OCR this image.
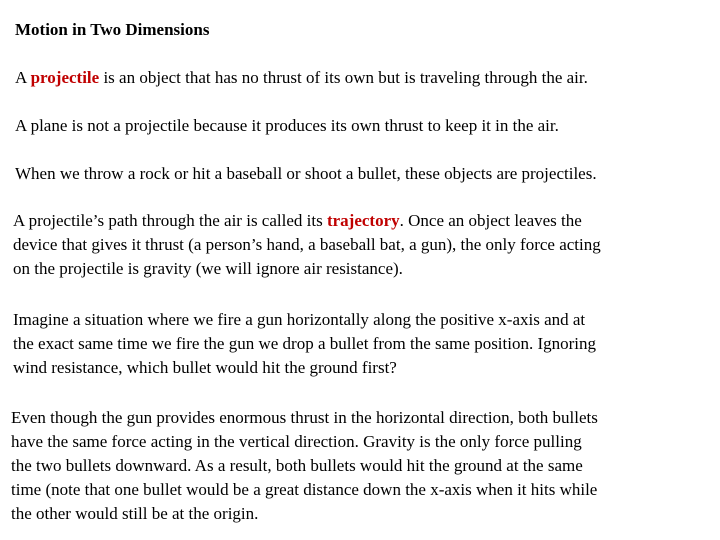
Motion in Two Dimensions
A projectile is an object that has no thrust of its own but is traveling through the air.
A plane is not a projectile because it produces its own thrust to keep it in the air.
When we throw a rock or hit a baseball or shoot a bullet, these objects are projectiles.
A projectile’s path through the air is called its trajectory. Once an object leaves the
device that gives it thrust (a person’s hand, a baseball bat, a gun), the only force acting
on the projectile is gravity (we will ignore air resistance).
Imagine a situation where we fire a gun horizontally along the positive x-axis and at
the exact same time we fire the gun we drop a bullet from the same position. Ignoring
wind resistance, which bullet would hit the ground first?
Even though the gun provides enormous thrust in the horizontal direction, both bullets
have the same force acting in the vertical direction. Gravity is the only force pulling
the two bullets downward. As a result, both bullets would hit the ground at the same
time (note that one bullet would be a great distance down the x-axis when it hits while
the other would still be at the origin.
